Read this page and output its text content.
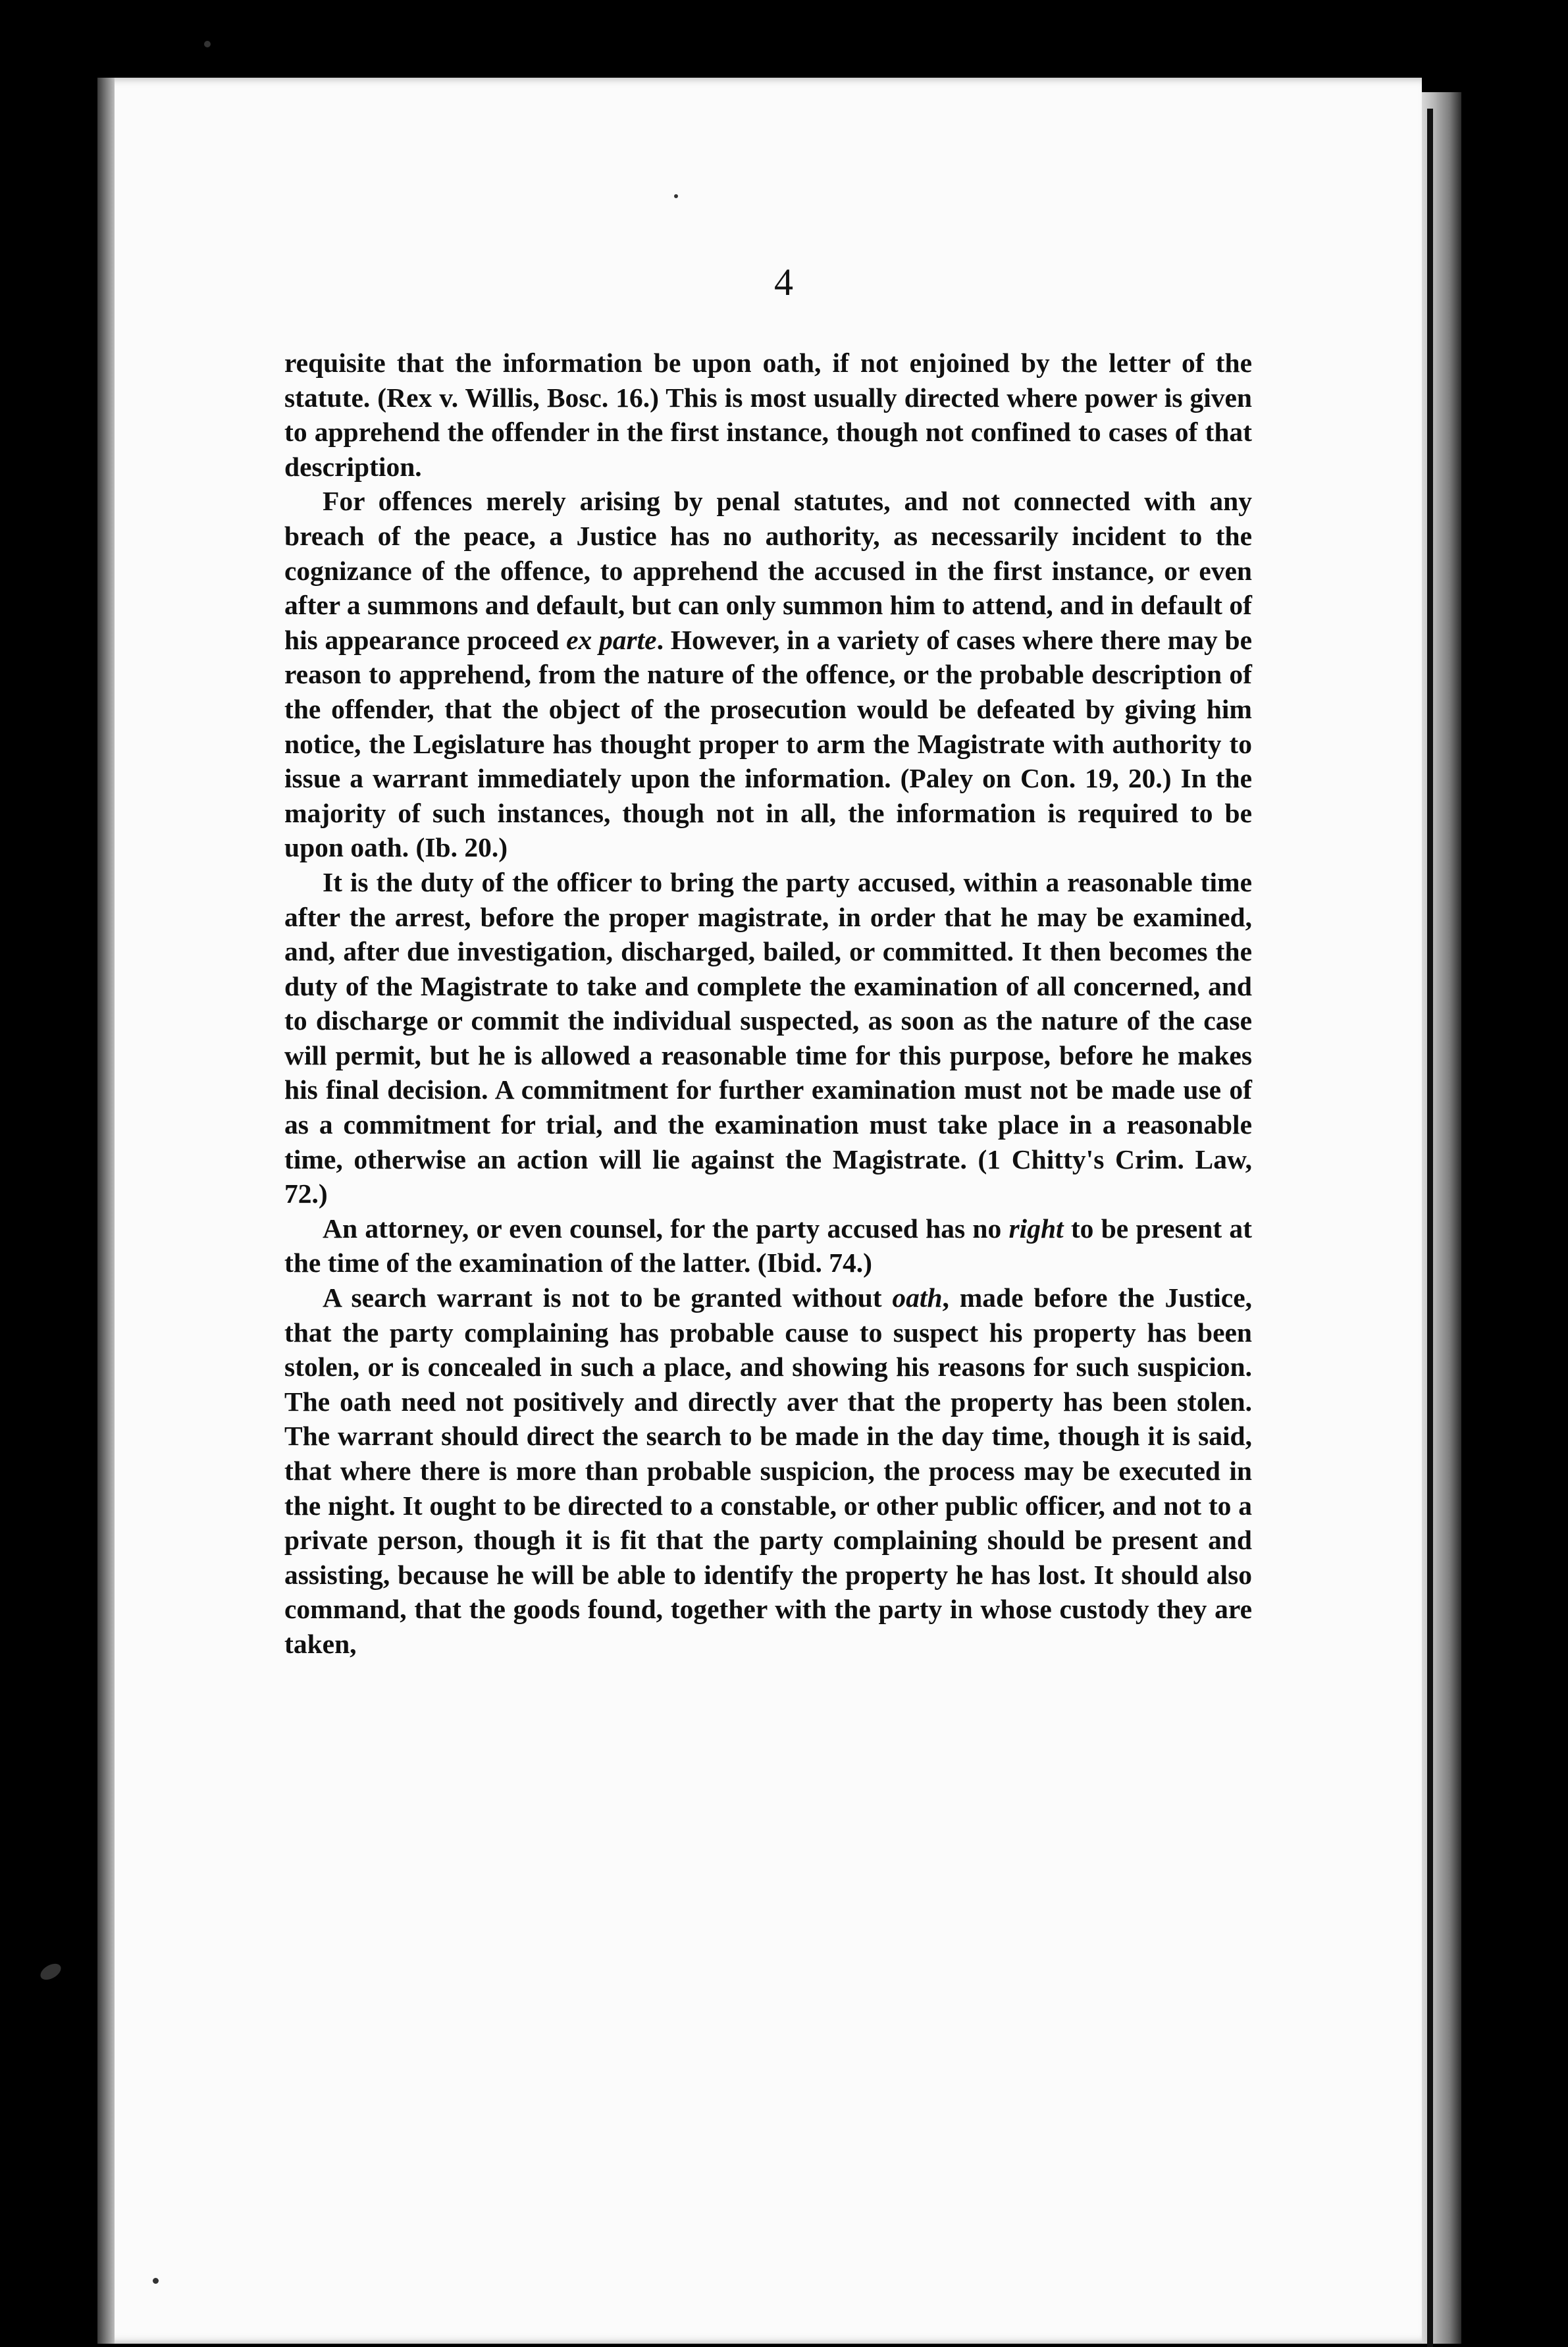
4

requisite that the information be upon oath, if not enjoined by the letter of the statute. (Rex v. Willis, Bosc. 16.) This is most usually directed where power is given to apprehend the offender in the first instance, though not confined to cases of that description.

For offences merely arising by penal statutes, and not connected with any breach of the peace, a Justice has no authority, as necessarily incident to the cognizance of the offence, to apprehend the accused in the first instance, or even after a summons and default, but can only summon him to attend, and in default of his appearance proceed ex parte. However, in a variety of cases where there may be reason to apprehend, from the nature of the offence, or the probable description of the offender, that the object of the prosecution would be defeated by giving him notice, the Legislature has thought proper to arm the Magistrate with authority to issue a warrant immediately upon the information. (Paley on Con. 19, 20.) In the majority of such instances, though not in all, the information is required to be upon oath. (Ib. 20.)

It is the duty of the officer to bring the party accused, within a reasonable time after the arrest, before the proper magistrate, in order that he may be examined, and, after due investigation, discharged, bailed, or committed. It then becomes the duty of the Magistrate to take and complete the examination of all concerned, and to discharge or commit the individual suspected, as soon as the nature of the case will permit, but he is allowed a reasonable time for this purpose, before he makes his final decision. A commitment for further examination must not be made use of as a commitment for trial, and the examination must take place in a reasonable time, otherwise an action will lie against the Magistrate. (1 Chitty's Crim. Law, 72.)

An attorney, or even counsel, for the party accused has no right to be present at the time of the examination of the latter. (Ibid. 74.)

A search warrant is not to be granted without oath, made before the Justice, that the party complaining has probable cause to suspect his property has been stolen, or is concealed in such a place, and showing his reasons for such suspicion. The oath need not positively and directly aver that the property has been stolen. The warrant should direct the search to be made in the day time, though it is said, that where there is more than probable suspicion, the process may be executed in the night. It ought to be directed to a constable, or other public officer, and not to a private person, though it is fit that the party complaining should be present and assisting, because he will be able to identify the property he has lost. It should also command, that the goods found, together with the party in whose custody they are taken,
